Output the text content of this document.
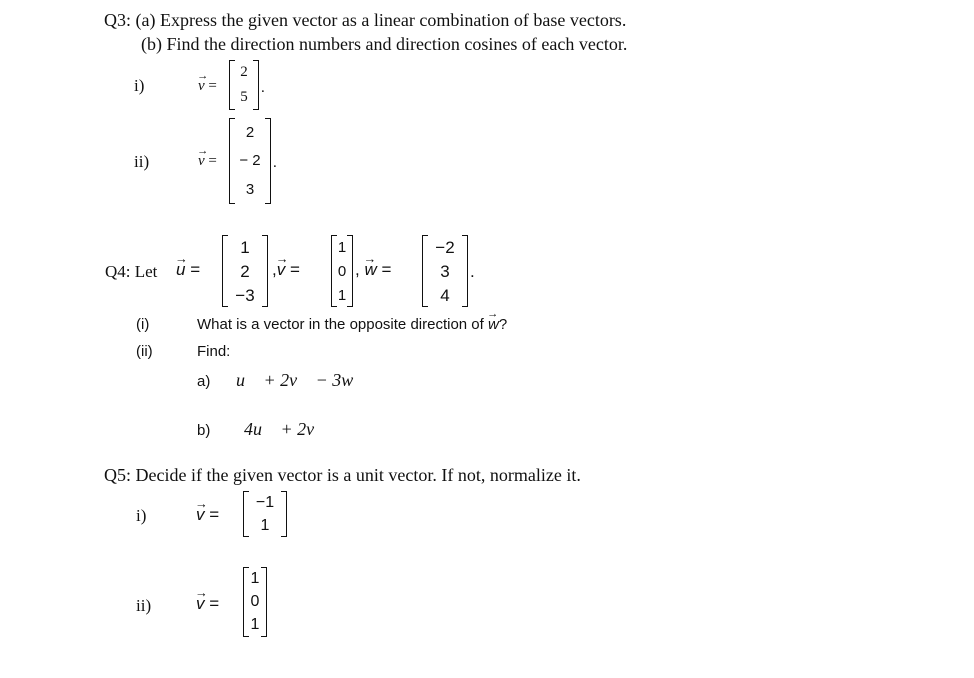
Q3: (a) Express the given vector as a linear combination of base vectors.
(b) Find the direction numbers and direction cosines of each vector.
i)	v → =
2
5
.
ii)	v → =
2
− 2
3
.
Q4: Let u → =
1
2
−3
,v → =
1
0
1
, w → =
−2
3
4
.
(i)	What is a vector in the opposite direction of w →?
(ii)	Find:
a) u⃗ + 2v⃗ − 3w⃗
b) 4u⃗ + 2v⃗
Q5: Decide if the given vector is a unit vector. If not, normalize it.
i)	v → =
−1
1
ii)	v → =
1
0
1
